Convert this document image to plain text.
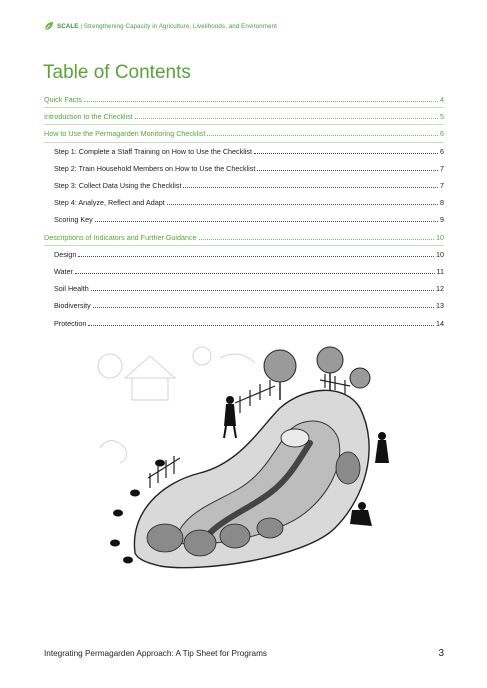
SCALE | Strengthening Capacity in Agriculture, Livelihoods, and Environment
Table of Contents
Quick Facts	4
Introduction to the Checklist	5
How to Use the Permagarden Monitoring Checklist	6
Step 1: Complete a Staff Training on How to Use the Checklist	6
Step 2: Train Household Members on How to Use the Checklist	7
Step 3: Collect Data Using the Checklist	7
Step 4: Analyze, Reflect and Adapt	8
Scoring Key	9
Descriptions of Indicators and Further Guidance	10
Design	10
Water	11
Soil Health	12
Biodiversity	13
Protection	14
Integrating Permagarden Approach: A Tip Sheet for Programs	3
